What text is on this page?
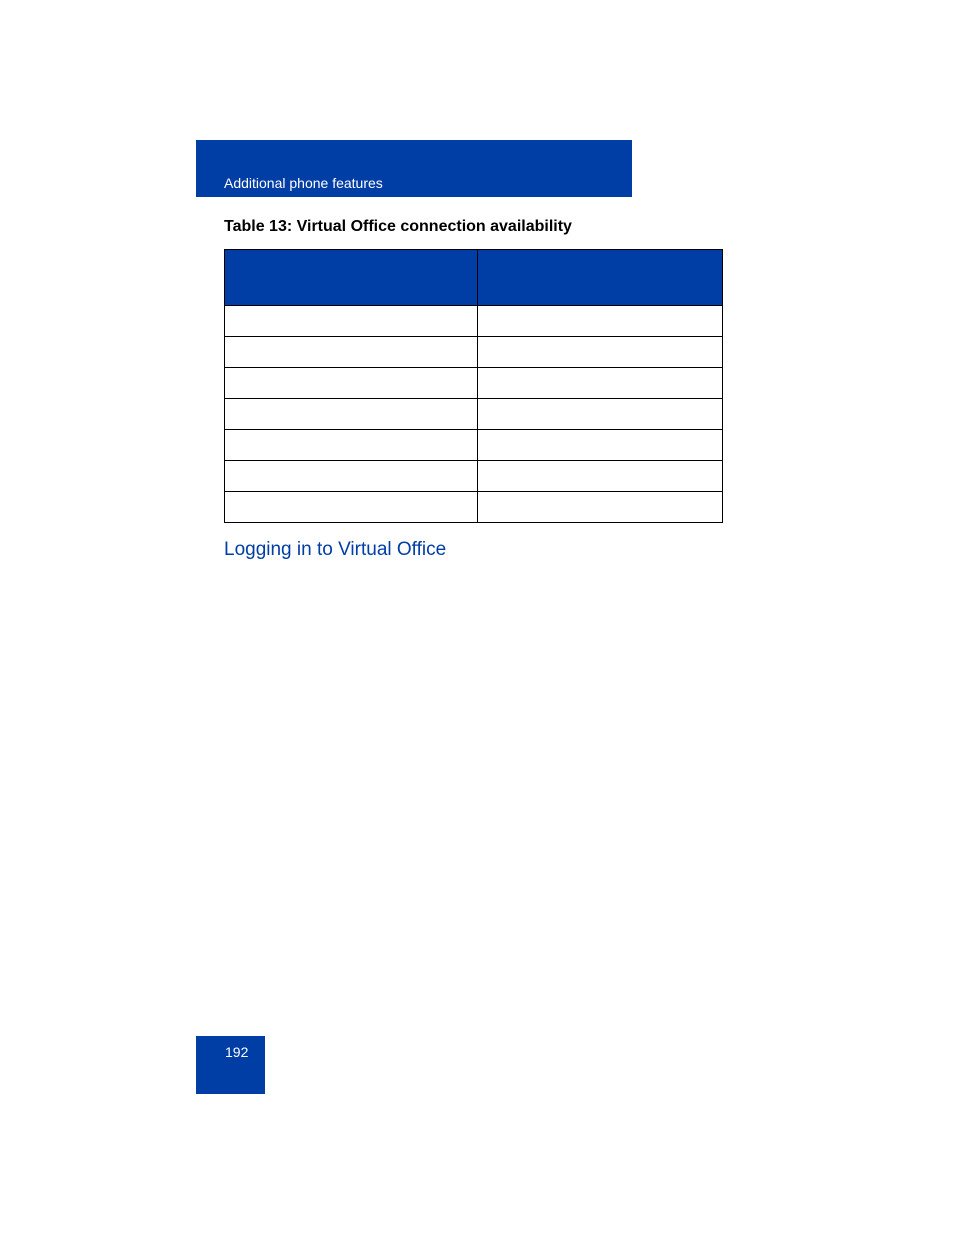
Additional phone features
Table 13: Virtual Office connection availability

Logging in to Virtual Office
192
